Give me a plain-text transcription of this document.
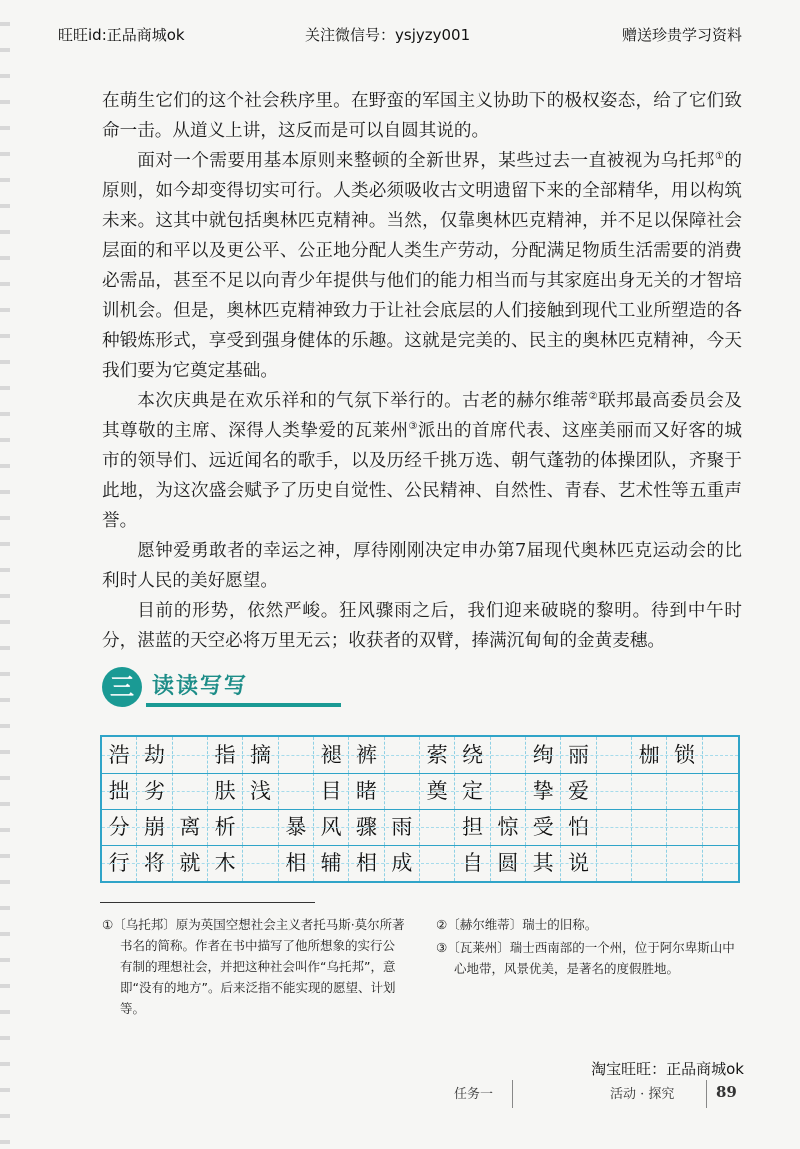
旺旺id:正品商城ok	关注微信号：ysjyzy001	赠送珍贵学习资料

在萌生它们的这个社会秩序里。在野蛮的军国主义协助下的极权姿态，给了它们致命一击。从道义上讲，这反而是可以自圆其说的。

面对一个需要用基本原则来整顿的全新世界，某些过去一直被视为乌托邦①的原则，如今却变得切实可行。人类必须吸收古文明遗留下来的全部精华，用以构筑未来。这其中就包括奥林匹克精神。当然，仅靠奥林匹克精神，并不足以保障社会层面的和平以及更公平、公正地分配人类生产劳动，分配满足物质生活需要的消费必需品，甚至不足以向青少年提供与他们的能力相当而与其家庭出身无关的才智培训机会。但是，奥林匹克精神致力于让社会底层的人们接触到现代工业所塑造的各种锻炼形式，享受到强身健体的乐趣。这就是完美的、民主的奥林匹克精神，今天我们要为它奠定基础。

本次庆典是在欢乐祥和的气氛下举行的。古老的赫尔维蒂②联邦最高委员会及其尊敬的主席、深得人类挚爱的瓦莱州③派出的首席代表、这座美丽而又好客的城市的领导们、远近闻名的歌手，以及历经千挑万选、朝气蓬勃的体操团队，齐聚于此地，为这次盛会赋予了历史自觉性、公民精神、自然性、青春、艺术性等五重声誉。

愿钟爱勇敢者的幸运之神，厚待刚刚决定申办第7届现代奥林匹克运动会的比利时人民的美好愿望。

目前的形势，依然严峻。狂风骤雨之后，我们迎来破晓的黎明。待到中午时分，湛蓝的天空必将万里无云；收获者的双臂，捧满沉甸甸的金黄麦穗。

三 读读写写
浩 劫	指 摘	褪 裤	萦 绕	绚 丽	枷 锁
拙 劣	肤 浅	目 睹	奠 定	挚 爱
分 崩 离 析	暴 风 骤 雨	担 惊 受 怕
行 将 就 木	相 辅 相 成	自 圆 其 说

①〔乌托邦〕原为英国空想社会主义者托马斯·莫尔所著书名的简称。作者在书中描写了他所想象的实行公有制的理想社会，并把这种社会叫作“乌托邦”，意即“没有的地方”。后来泛指不能实现的愿望、计划等。

②〔赫尔维蒂〕瑞士的旧称。

③〔瓦莱州〕瑞士西南部的一个州，位于阿尔卑斯山中心地带，风景优美，是著名的度假胜地。

淘宝旺旺：正品商城ok
任务一	活动 · 探究	89
